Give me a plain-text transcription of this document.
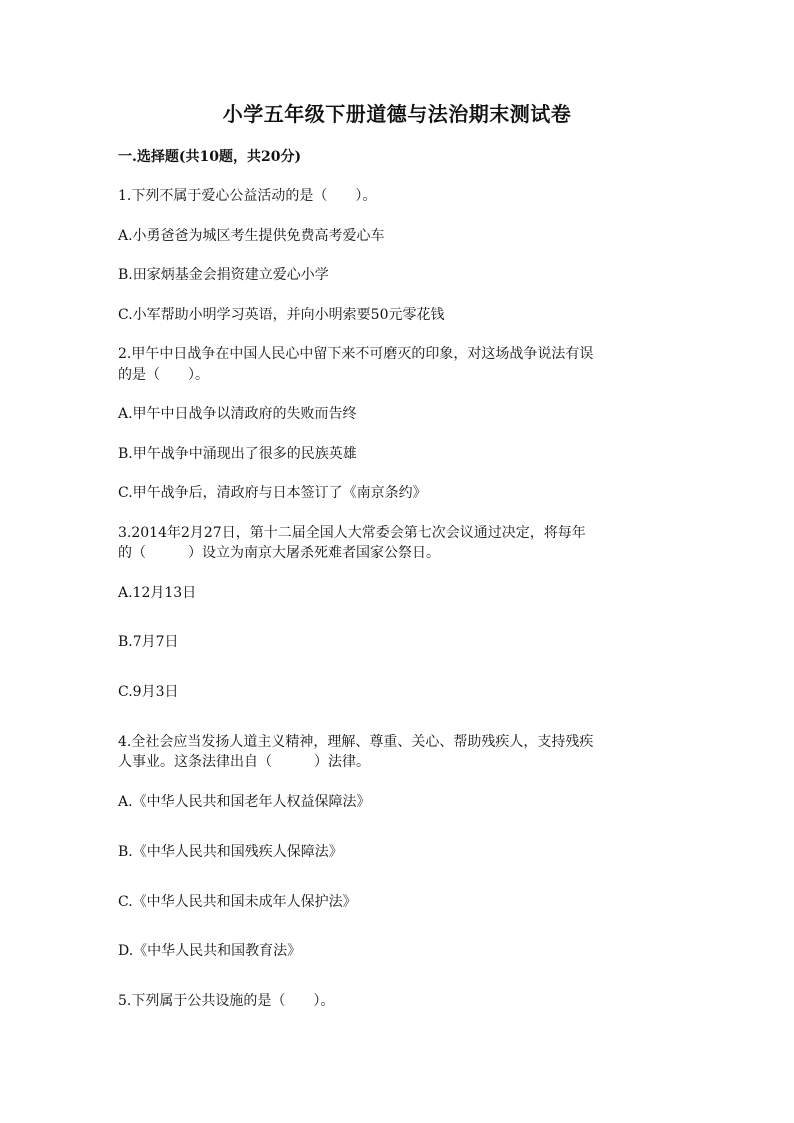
小学五年级下册道德与法治期末测试卷
一.选择题(共10题，共20分)
1.下列不属于爱心公益活动的是（　　）。
A.小勇爸爸为城区考生提供免费高考爱心车
B.田家炳基金会捐资建立爱心小学
C.小军帮助小明学习英语，并向小明索要50元零花钱
2.甲午中日战争在中国人民心中留下来不可磨灭的印象，对这场战争说法有误
的是（　　）。
A.甲午中日战争以清政府的失败而告终
B.甲午战争中涌现出了很多的民族英雄
C.甲午战争后，清政府与日本签订了《南京条约》
3.2014年2月27日，第十二届全国人大常委会第七次会议通过决定，将每年
的（　　　）设立为南京大屠杀死难者国家公祭日。
A.12月13日
B.7月7日
C.9月3日
4.全社会应当发扬人道主义精神，理解、尊重、关心、帮助残疾人，支持残疾
人事业。这条法律出自（　　　）法律。
A.《中华人民共和国老年人权益保障法》
B.《中华人民共和国残疾人保障法》
C.《中华人民共和国未成年人保护法》
D.《中华人民共和国教育法》
5.下列属于公共设施的是（　　）。
